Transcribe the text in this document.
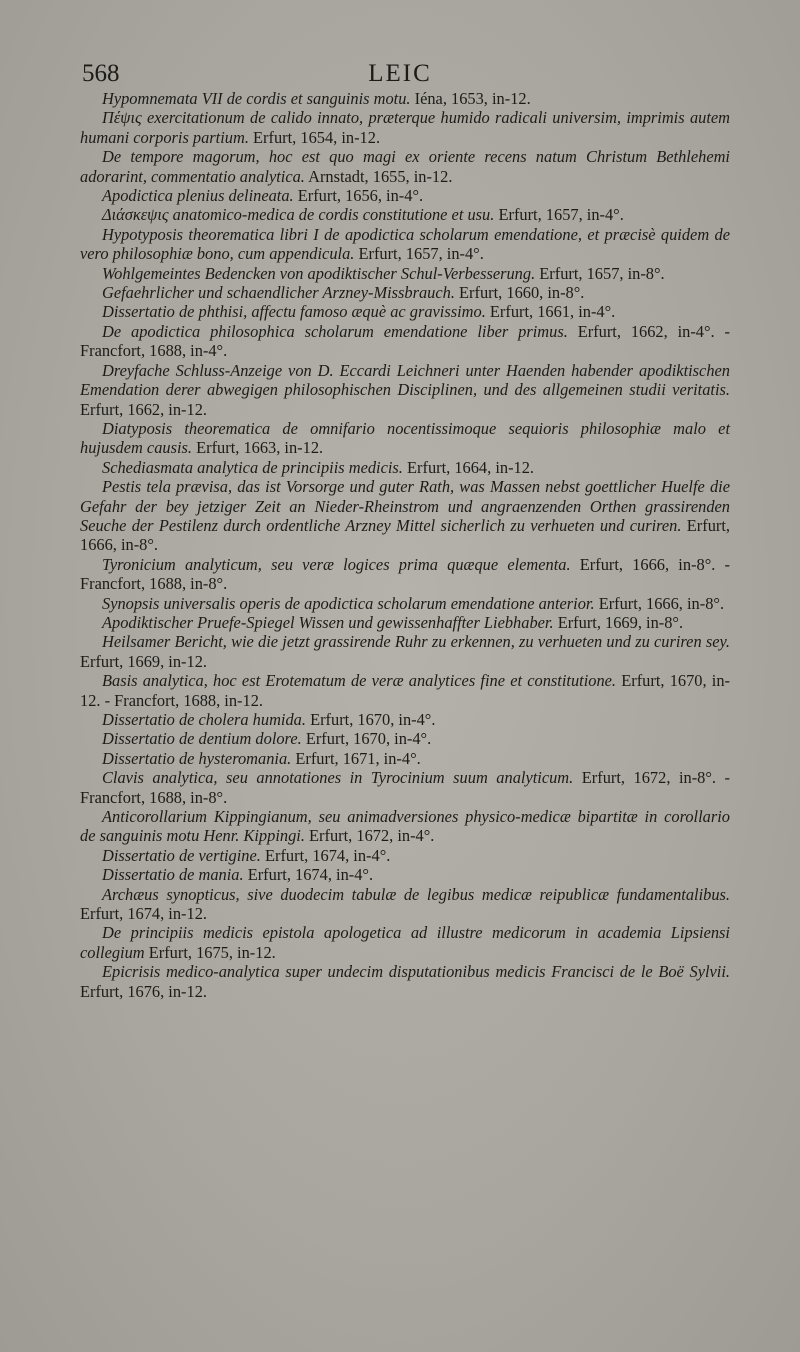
568	LEIC

Hypomnemata VII de cordis et sanguinis motu. Iéna, 1653, in-12.

Πέψις exercitationum de calido innato, præterque humido radicali universim, imprimis autem humani corporis partium. Erfurt, 1654, in-12.

De tempore magorum, hoc est quo magi ex oriente recens natum Christum Bethlehemi adorarint, commentatio analytica. Arnstadt, 1655, in-12.

Apodictica plenius delineata. Erfurt, 1656, in-4°.

Διάσκεψις anatomico-medica de cordis constitutione et usu. Erfurt, 1657, in-4°.

Hypotyposis theorematica libri I de apodictica scholarum emendatione, et præcisè quidem de vero philosophiæ bono, cum appendicula. Erfurt, 1657, in-4°.

Wohlgemeintes Bedencken von apodiktischer Schul-Verbesserung. Erfurt, 1657, in-8°.

Gefaehrlicher und schaendlicher Arzney-Missbrauch. Erfurt, 1660, in-8°.

Dissertatio de phthisi, affectu famoso æquè ac gravissimo. Erfurt, 1661, in-4°.

De apodictica philosophica scholarum emendatione liber primus. Erfurt, 1662, in-4°. - Francfort, 1688, in-4°.

Dreyfache Schluss-Anzeige von D. Eccardi Leichneri unter Haenden habender apodiktischen Emendation derer abwegigen philosophischen Disciplinen, und des allgemeinen studii veritatis. Erfurt, 1662, in-12.

Diatyposis theorematica de omnifario nocentissimoque sequioris philosophiæ malo et hujusdem causis. Erfurt, 1663, in-12.

Schediasmata analytica de principiis medicis. Erfurt, 1664, in-12.

Pestis tela prævisa, das ist Vorsorge und guter Rath, was Massen nebst goettlicher Huelfe die Gefahr der bey jetziger Zeit an Nieder-Rheinstrom und angraenzenden Orthen grassirenden Seuche der Pestilenz durch ordentliche Arzney Mittel sicherlich zu verhueten und curiren. Erfurt, 1666, in-8°.

Tyronicium analyticum, seu veræ logices prima quæque elementa. Erfurt, 1666, in-8°. - Francfort, 1688, in-8°.

Synopsis universalis operis de apodictica scholarum emendatione anterior. Erfurt, 1666, in-8°.

Apodiktischer Pruefe-Spiegel Wissen und gewissenhaffter Liebhaber. Erfurt, 1669, in-8°.

Heilsamer Bericht, wie die jetzt grassirende Ruhr zu erkennen, zu verhueten und zu curiren sey. Erfurt, 1669, in-12.

Basis analytica, hoc est Erotematum de veræ analytices fine et constitutione. Erfurt, 1670, in-12. - Francfort, 1688, in-12.

Dissertatio de cholera humida. Erfurt, 1670, in-4°.

Dissertatio de dentium dolore. Erfurt, 1670, in-4°.

Dissertatio de hysteromania. Erfurt, 1671, in-4°.

Clavis analytica, seu annotationes in Tyrocinium suum analyticum. Erfurt, 1672, in-8°. - Francfort, 1688, in-8°.

Anticorollarium Kippingianum, seu animadversiones physico-medicæ bipartitæ in corollario de sanguinis motu Henr. Kippingi. Erfurt, 1672, in-4°.

Dissertatio de vertigine. Erfurt, 1674, in-4°.

Dissertatio de mania. Erfurt, 1674, in-4°.

Archæus synopticus, sive duodecim tabulæ de legibus medicæ reipublicæ fundamentalibus. Erfurt, 1674, in-12.

De principiis medicis epistola apologetica ad illustre medicorum in academia Lipsiensi collegium Erfurt, 1675, in-12.

Epicrisis medico-analytica super undecim disputationibus medicis Francisci de le Boë Sylvii. Erfurt, 1676, in-12.
